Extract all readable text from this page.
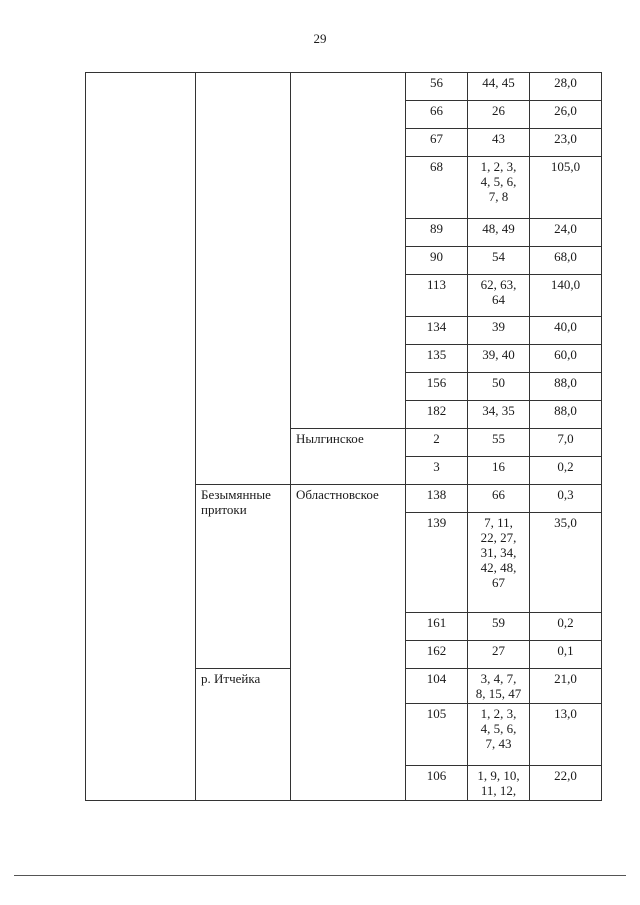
29
			56	44, 45	28,0
			66	26	26,0
			67	43	23,0
			68	1, 2, 3,
4, 5, 6,
7, 8	105,0
			89	48, 49	24,0
			90	54	68,0
			113	62, 63,
64	140,0
			134	39	40,0
			135	39, 40	60,0
			156	50	88,0
			182	34, 35	88,0
		Нылгинское	2	55	7,0
			3	16	0,2
	Безымянные
притоки	Областновское	138	66	0,3
			139	7, 11,
22, 27,
31, 34,
42, 48,
67	35,0
			161	59	0,2
			162	27	0,1
	р. Итчейка		104	3, 4, 7,
8, 15, 47	21,0
			105	1, 2, 3,
4, 5, 6,
7, 43	13,0
			106	1, 9, 10,
11, 12,	22,0
